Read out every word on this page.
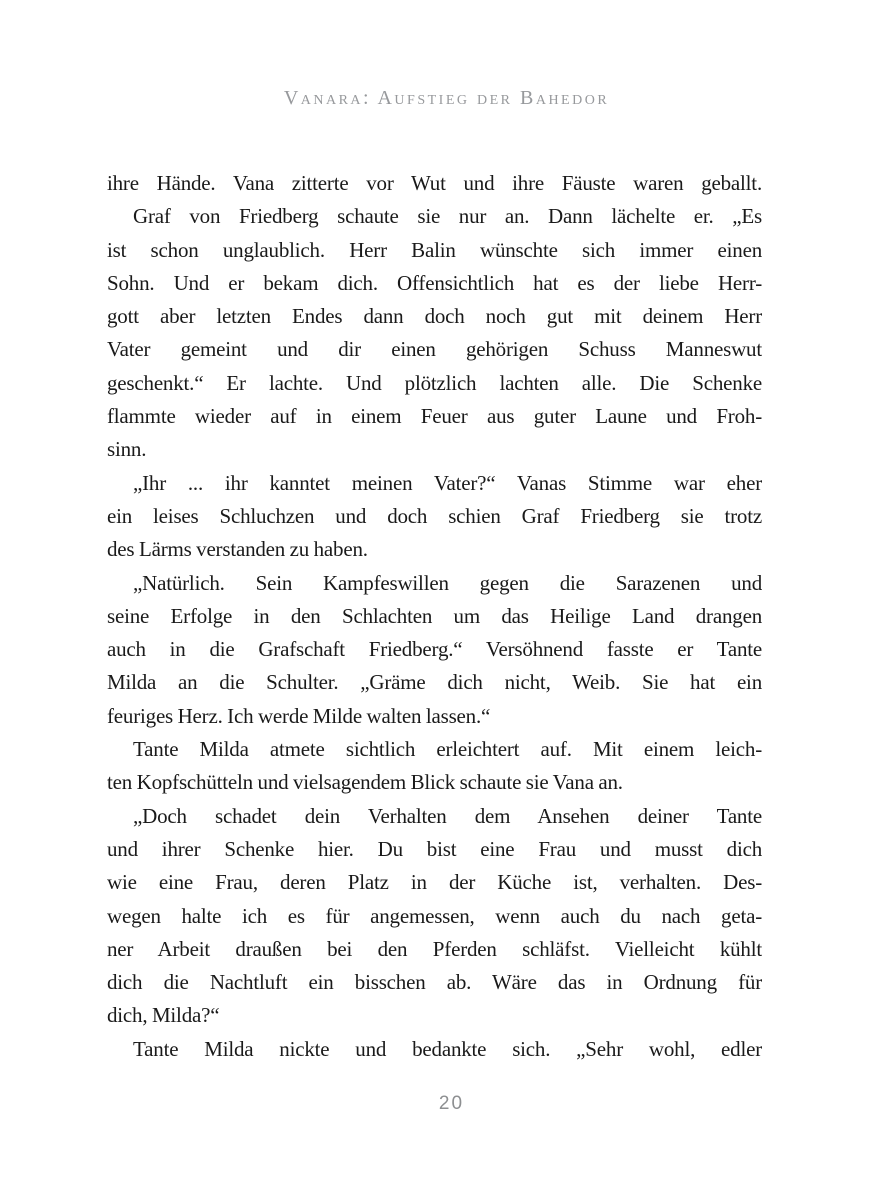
Vanara: Aufstieg der Bahedor
ihre Hände. Vana zitterte vor Wut und ihre Fäuste waren geballt.
Graf von Friedberg schaute sie nur an. Dann lächelte er. „Es
ist schon unglaublich. Herr Balin wünschte sich immer einen
Sohn. Und er bekam dich. Offensichtlich hat es der liebe Herr-
gott aber letzten Endes dann doch noch gut mit deinem Herr
Vater gemeint und dir einen gehörigen Schuss Manneswut
geschenkt.“ Er lachte. Und plötzlich lachten alle. Die Schenke
flammte wieder auf in einem Feuer aus guter Laune und Froh-
sinn.
„Ihr ... ihr kanntet meinen Vater?“ Vanas Stimme war eher
ein leises Schluchzen und doch schien Graf Friedberg sie trotz
des Lärms verstanden zu haben.
„Natürlich. Sein Kampfeswillen gegen die Sarazenen und
seine Erfolge in den Schlachten um das Heilige Land drangen
auch in die Grafschaft Friedberg.“ Versöhnend fasste er Tante
Milda an die Schulter. „Gräme dich nicht, Weib. Sie hat ein
feuriges Herz. Ich werde Milde walten lassen.“
Tante Milda atmete sichtlich erleichtert auf. Mit einem leich-
ten Kopfschütteln und vielsagendem Blick schaute sie Vana an.
„Doch schadet dein Verhalten dem Ansehen deiner Tante
und ihrer Schenke hier. Du bist eine Frau und musst dich
wie eine Frau, deren Platz in der Küche ist, verhalten. Des-
wegen halte ich es für angemessen, wenn auch du nach geta-
ner Arbeit draußen bei den Pferden schläfst. Vielleicht kühlt
dich die Nachtluft ein bisschen ab. Wäre das in Ordnung für
dich, Milda?“
Tante Milda nickte und bedankte sich. „Sehr wohl, edler
20
